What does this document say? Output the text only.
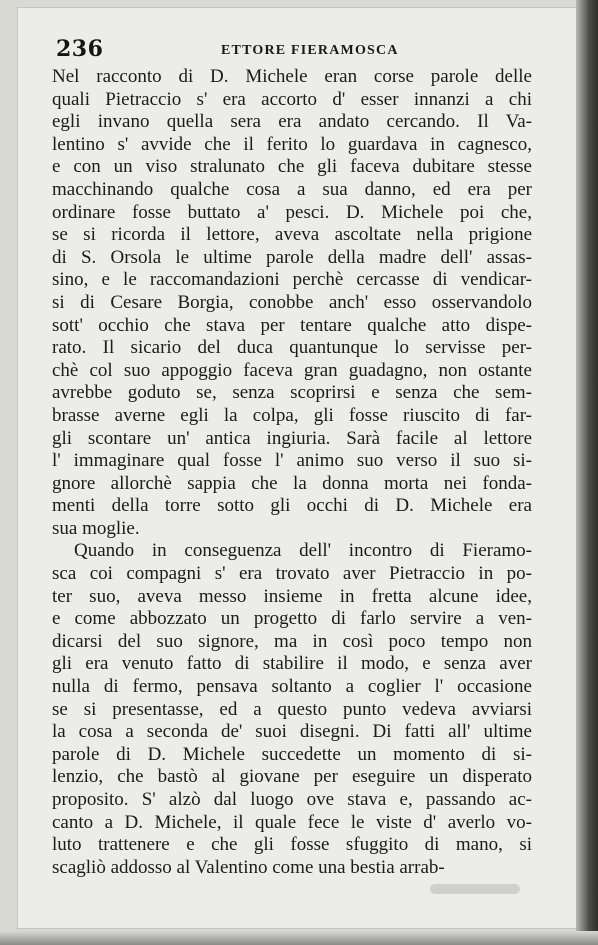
236	ETTORE FIERAMOSCA
Nel racconto di D. Michele eran corse parole delle
quali Pietraccio s' era accorto d' esser innanzi a chi
egli invano quella sera era andato cercando. Il Va-
lentino s' avvide che il ferito lo guardava in cagnesco,
e con un viso stralunato che gli faceva dubitare stesse
macchinando qualche cosa a sua danno, ed era per
ordinare fosse buttato a' pesci. D. Michele poi che,
se si ricorda il lettore, aveva ascoltate nella prigione
di S. Orsola le ultime parole della madre dell' assas-
sino, e le raccomandazioni perchè cercasse di vendicar-
si di Cesare Borgia, conobbe anch' esso osservandolo
sott' occhio che stava per tentare qualche atto dispe-
rato. Il sicario del duca quantunque lo servisse per-
chè col suo appoggio faceva gran guadagno, non ostante
avrebbe goduto se, senza scoprirsi e senza che sem-
brasse averne egli la colpa, gli fosse riuscito di far-
gli scontare un' antica ingiuria. Sarà facile al lettore
l' immaginare qual fosse l' animo suo verso il suo si-
gnore allorchè sappia che la donna morta nei fonda-
menti della torre sotto gli occhi di D. Michele era
sua moglie.
Quando in conseguenza dell' incontro di Fieramo-
sca coi compagni s' era trovato aver Pietraccio in po-
ter suo, aveva messo insieme in fretta alcune idee,
e come abbozzato un progetto di farlo servire a ven-
dicarsi del suo signore, ma in così poco tempo non
gli era venuto fatto di stabilire il modo, e senza aver
nulla di fermo, pensava soltanto a coglier l' occasione
se si presentasse, ed a questo punto vedeva avviarsi
la cosa a seconda de' suoi disegni. Di fatti all' ultime
parole di D. Michele succedette un momento di si-
lenzio, che bastò al giovane per eseguire un disperato
proposito. S' alzò dal luogo ove stava e, passando ac-
canto a D. Michele, il quale fece le viste d' averlo vo-
luto trattenere e che gli fosse sfuggito di mano, si
scagliò addosso al Valentino come una bestia arrab-
